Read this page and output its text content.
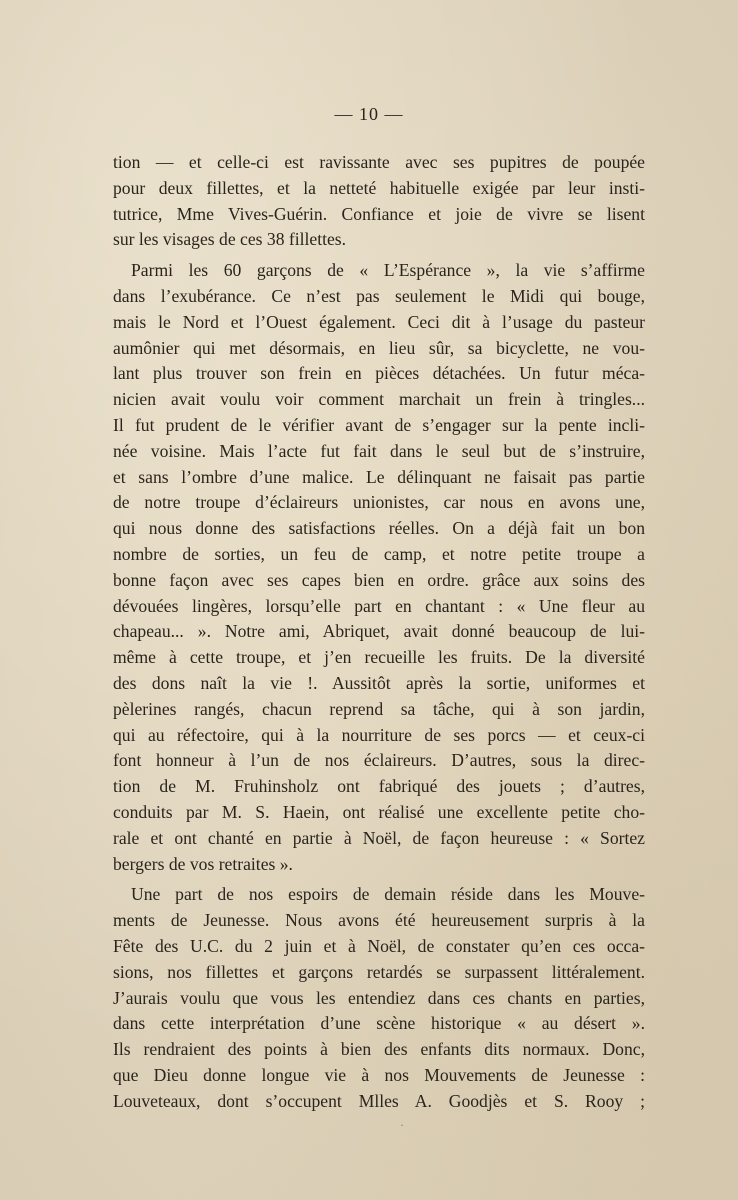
— 10 —

tion — et celle-ci est ravissante avec ses pupitres de poupée
pour deux fillettes, et la netteté habituelle exigée par leur insti-
tutrice, Mme Vives-Guérin. Confiance et joie de vivre se lisent
sur les visages de ces 38 fillettes.

Parmi les 60 garçons de « L’Espérance », la vie s’affirme
dans l’exubérance. Ce n’est pas seulement le Midi qui bouge,
mais le Nord et l’Ouest également. Ceci dit à l’usage du pasteur
aumônier qui met désormais, en lieu sûr, sa bicyclette, ne vou-
lant plus trouver son frein en pièces détachées. Un futur méca-
nicien avait voulu voir comment marchait un frein à tringles...
Il fut prudent de le vérifier avant de s’engager sur la pente incli-
née voisine. Mais l’acte fut fait dans le seul but de s’instruire,
et sans l’ombre d’une malice. Le délinquant ne faisait pas partie
de notre troupe d’éclaireurs unionistes, car nous en avons une,
qui nous donne des satisfactions réelles. On a déjà fait un bon
nombre de sorties, un feu de camp, et notre petite troupe a
bonne façon avec ses capes bien en ordre. grâce aux soins des
dévouées lingères, lorsqu’elle part en chantant : « Une fleur au
chapeau... ». Notre ami, Abriquet, avait donné beaucoup de lui-
même à cette troupe, et j’en recueille les fruits. De la diversité
des dons naît la vie !. Aussitôt après la sortie, uniformes et
pèlerines rangés, chacun reprend sa tâche, qui à son jardin,
qui au réfectoire, qui à la nourriture de ses porcs — et ceux-ci
font honneur à l’un de nos éclaireurs. D’autres, sous la direc-
tion de M. Fruhinsholz ont fabriqué des jouets ; d’autres,
conduits par M. S. Haein, ont réalisé une excellente petite cho-
rale et ont chanté en partie à Noël, de façon heureuse : « Sortez
bergers de vos retraites ».

Une part de nos espoirs de demain réside dans les Mouve-
ments de Jeunesse. Nous avons été heureusement surpris à la
Fête des U.C. du 2 juin et à Noël, de constater qu’en ces occa-
sions, nos fillettes et garçons retardés se surpassent littéralement.
J’aurais voulu que vous les entendiez dans ces chants en parties,
dans cette interprétation d’une scène historique « au désert ».
Ils rendraient des points à bien des enfants dits normaux. Donc,
que Dieu donne longue vie à nos Mouvements de Jeunesse :
Louveteaux, dont s’occupent Mlles A. Goodjès et S. Rooy ;

·
